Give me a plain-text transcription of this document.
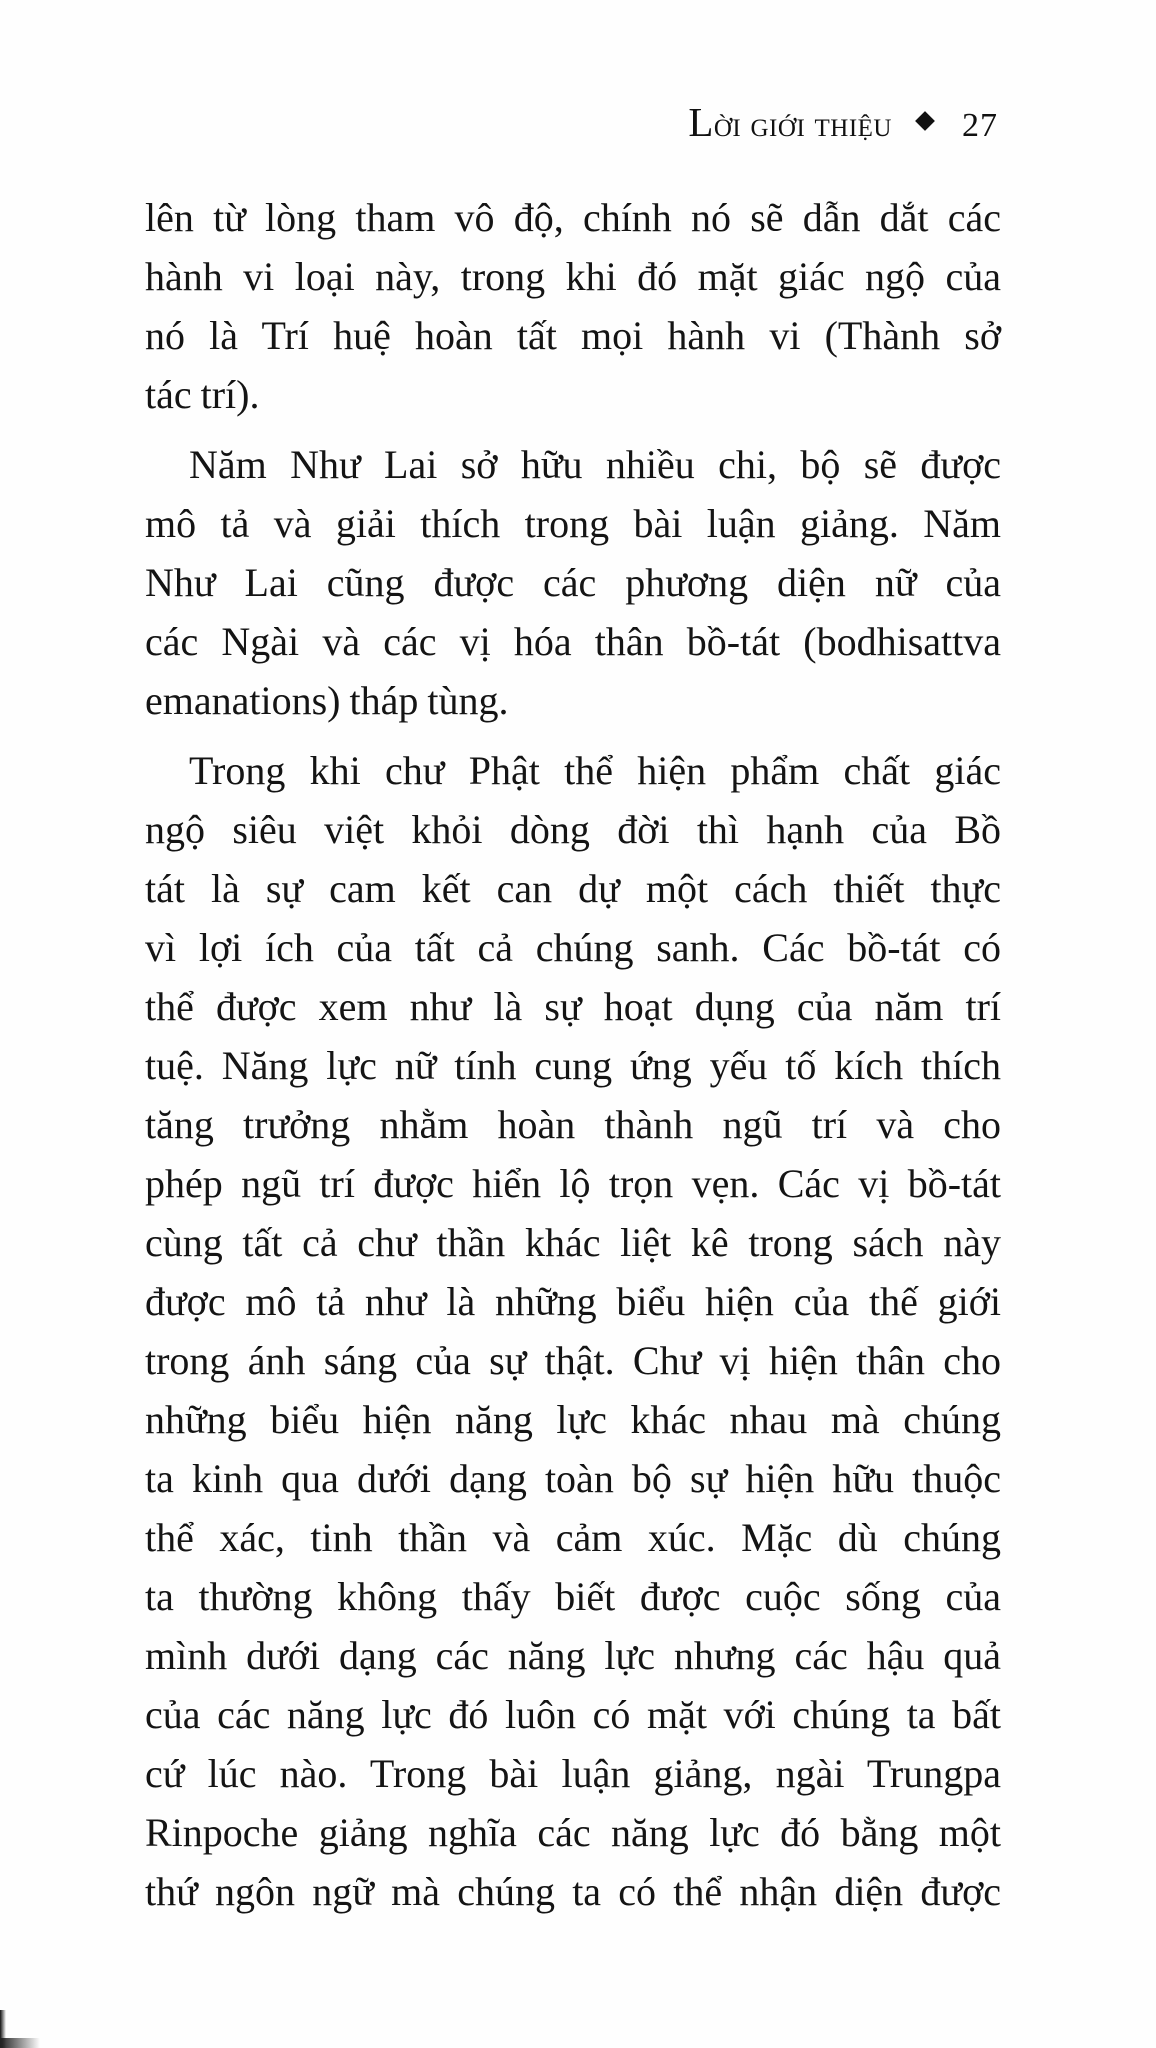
Lời giới thiệu 27
lên từ lòng tham vô độ, chính nó sẽ dẫn dắt các
hành vi loại này, trong khi đó mặt giác ngộ của
nó là Trí huệ hoàn tất mọi hành vi (Thành sở
tác trí).
Năm Như Lai sở hữu nhiều chi, bộ sẽ được
mô tả và giải thích trong bài luận giảng. Năm
Như Lai cũng được các phương diện nữ của
các Ngài và các vị hóa thân bồ-tát (bodhisattva
emanations) tháp tùng.
Trong khi chư Phật thể hiện phẩm chất giác
ngộ siêu việt khỏi dòng đời thì hạnh của Bồ
tát là sự cam kết can dự một cách thiết thực
vì lợi ích của tất cả chúng sanh. Các bồ-tát có
thể được xem như là sự hoạt dụng của năm trí
tuệ. Năng lực nữ tính cung ứng yếu tố kích thích
tăng trưởng nhằm hoàn thành ngũ trí và cho
phép ngũ trí được hiển lộ trọn vẹn. Các vị bồ-tát
cùng tất cả chư thần khác liệt kê trong sách này
được mô tả như là những biểu hiện của thế giới
trong ánh sáng của sự thật. Chư vị hiện thân cho
những biểu hiện năng lực khác nhau mà chúng
ta kinh qua dưới dạng toàn bộ sự hiện hữu thuộc
thể xác, tinh thần và cảm xúc. Mặc dù chúng
ta thường không thấy biết được cuộc sống của
mình dưới dạng các năng lực nhưng các hậu quả
của các năng lực đó luôn có mặt với chúng ta bất
cứ lúc nào. Trong bài luận giảng, ngài Trungpa
Rinpoche giảng nghĩa các năng lực đó bằng một
thứ ngôn ngữ mà chúng ta có thể nhận diện được
